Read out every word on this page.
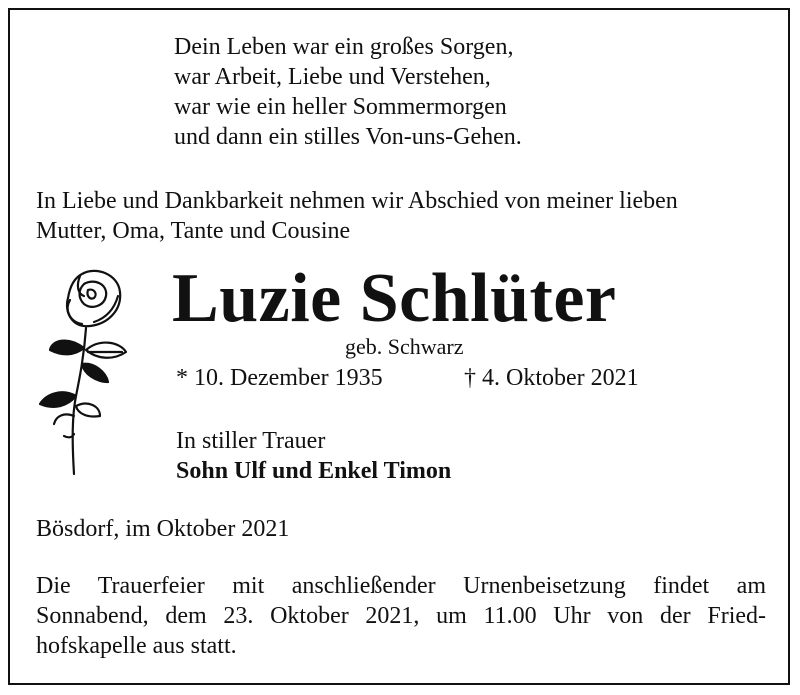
Dein Leben war ein großes Sorgen,
war Arbeit, Liebe und Verstehen,
war wie ein heller Sommermorgen
und dann ein stilles Von-uns-Gehen.
In Liebe und Dankbarkeit nehmen wir Abschied von meiner lieben
Mutter, Oma, Tante und Cousine
Luzie Schlüter
geb. Schwarz
* 10. Dezember 1935	† 4. Oktober 2021
In stiller Trauer
Sohn Ulf und Enkel Timon
Bösdorf, im Oktober 2021
Die Trauerfeier mit anschließender Urnenbeisetzung findet am
Sonnabend, dem 23. Oktober 2021, um 11.00 Uhr von der Fried-
hofskapelle aus statt.
